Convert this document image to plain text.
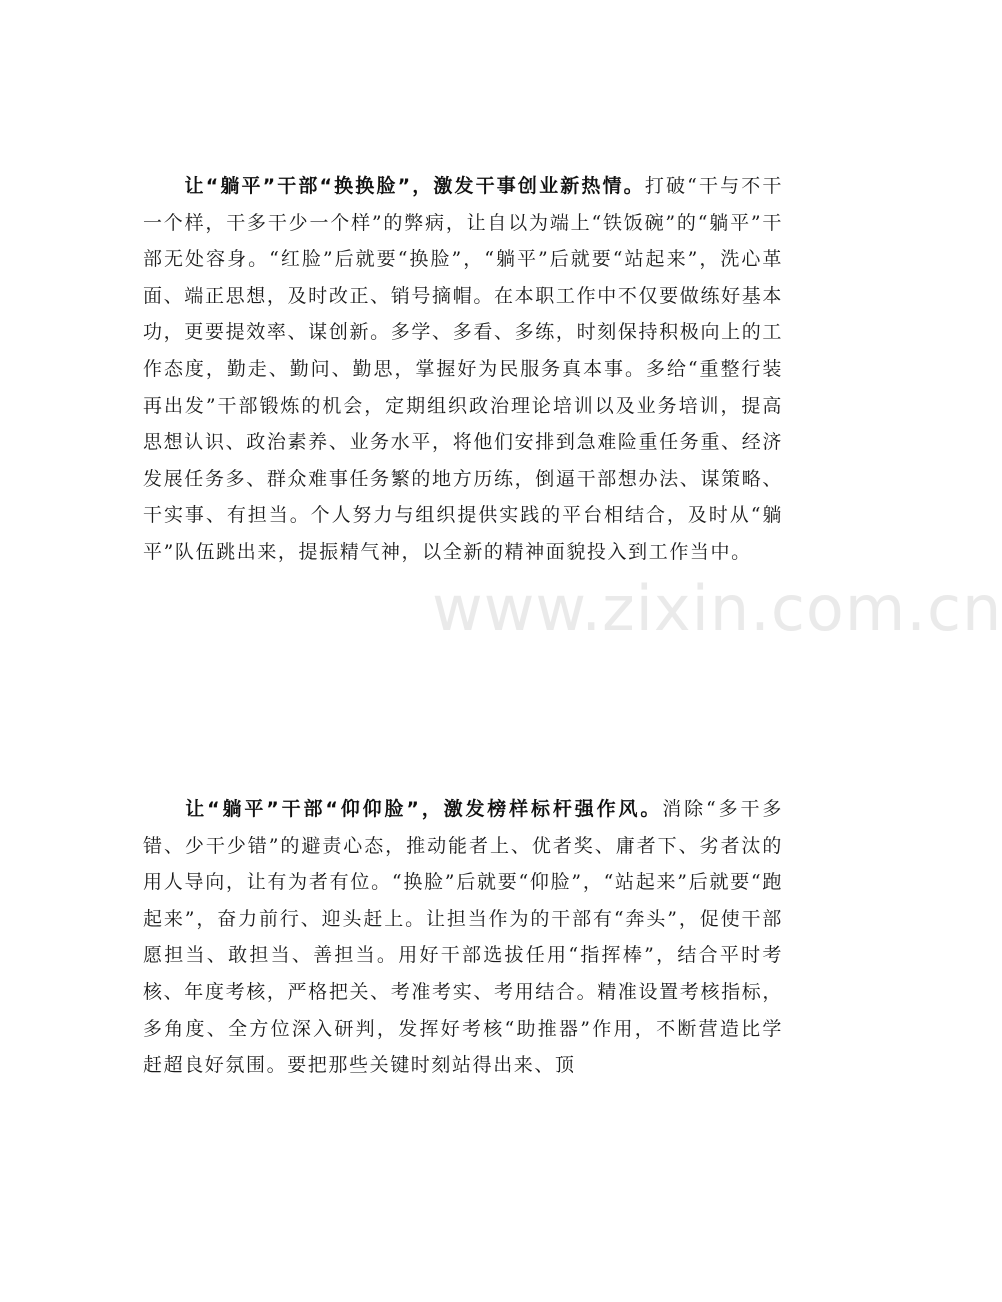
让“躺平”干部“换换脸”，激发干事创业新热情。打破“干与不干一个样，干多干少一个样”的弊病，让自以为端上“铁饭碗”的“躺平”干部无处容身。“红脸”后就要“换脸”，“躺平”后就要“站起来”，洗心革面、端正思想，及时改正、销号摘帽。在本职工作中不仅要做练好基本功，更要提效率、谋创新。多学、多看、多练，时刻保持积极向上的工作态度，勤走、勤问、勤思，掌握好为民服务真本事。多给“重整行装再出发”干部锻炼的机会，定期组织政治理论培训以及业务培训，提高思想认识、政治素养、业务水平，将他们安排到急难险重任务重、经济发展任务多、群众难事任务繁的地方历练，倒逼干部想办法、谋策略、干实事、有担当。个人努力与组织提供实践的平台相结合，及时从“躺平”队伍跳出来，提振精气神，以全新的精神面貌投入到工作当中。

让“躺平”干部“仰仰脸”，激发榜样标杆强作风。消除“多干多错、少干少错”的避责心态，推动能者上、优者奖、庸者下、劣者汰的用人导向，让有为者有位。“换脸”后就要“仰脸”，“站起来”后就要“跑起来”，奋力前行、迎头赶上。让担当作为的干部有“奔头”，促使干部愿担当、敢担当、善担当。用好干部选拔任用“指挥棒”，结合平时考核、年度考核，严格把关、考准考实、考用结合。精准设置考核指标，多角度、全方位深入研判，发挥好考核“助推器”作用，不断营造比学赶超良好氛围。要把那些关键时刻站得出来、顶

www.zixin.com.cn
